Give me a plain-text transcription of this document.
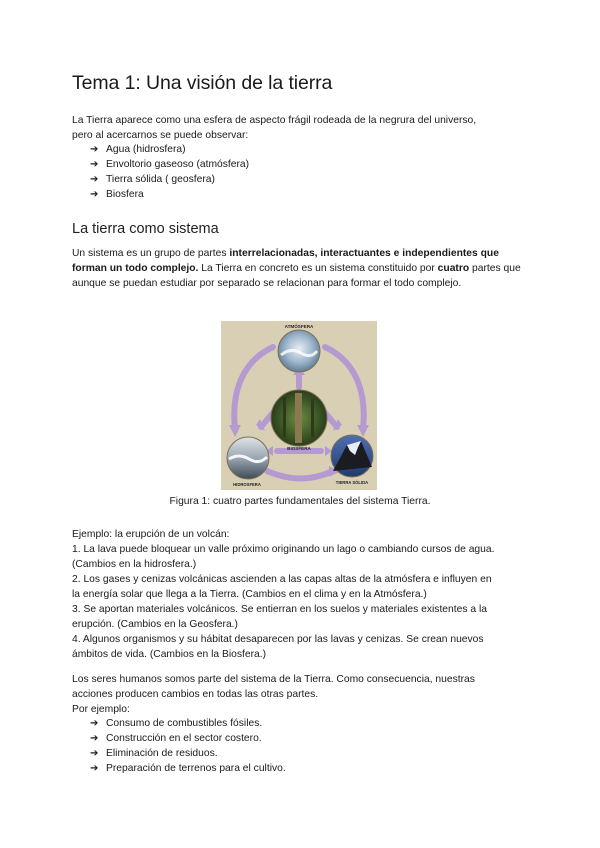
Tema 1: Una visión de la tierra

La Tierra aparece como una esfera de aspecto frágil rodeada de la negrura del universo,
pero al acercarnos se puede observar:

➔ Agua (hidrosfera)
➔ Envoltorio gaseoso (atmósfera)
➔ Tierra sólida ( geosfera)
➔ Biosfera
La tierra como sistema

Un sistema es un grupo de partes interrelacionadas, interactuantes e independientes que forman un todo complejo. La Tierra en concreto es un sistema constituido por cuatro partes que aunque se puedan estudiar por separado se relacionan para formar el todo complejo.

ATMÓSFERA
BIOSFERA
HIDROSFERA	TIERRA SÓLIDA
Figura 1: cuatro partes fundamentales del sistema Tierra.

Ejemplo: la erupción de un volcán:
1. La lava puede bloquear un valle próximo originando un lago o cambiando cursos de agua.
(Cambios en la hidrosfera.)
2. Los gases y cenizas volcánicas ascienden a las capas altas de la atmósfera e influyen en
la energía solar que llega a la Tierra. (Cambios en el clima y en la Atmósfera.)
3. Se aportan materiales volcánicos. Se entierran en los suelos y materiales existentes a la
erupción. (Cambios en la Geosfera.)
4. Algunos organismos y su hábitat desaparecen por las lavas y cenizas. Se crean nuevos
ámbitos de vida. (Cambios en la Biosfera.)

Los seres humanos somos parte del sistema de la Tierra. Como consecuencia, nuestras
acciones producen cambios en todas las otras partes.
Por ejemplo:

➔ Consumo de combustibles fósiles.
➔ Construcción en el sector costero.
➔ Eliminación de residuos.
➔ Preparación de terrenos para el cultivo.
